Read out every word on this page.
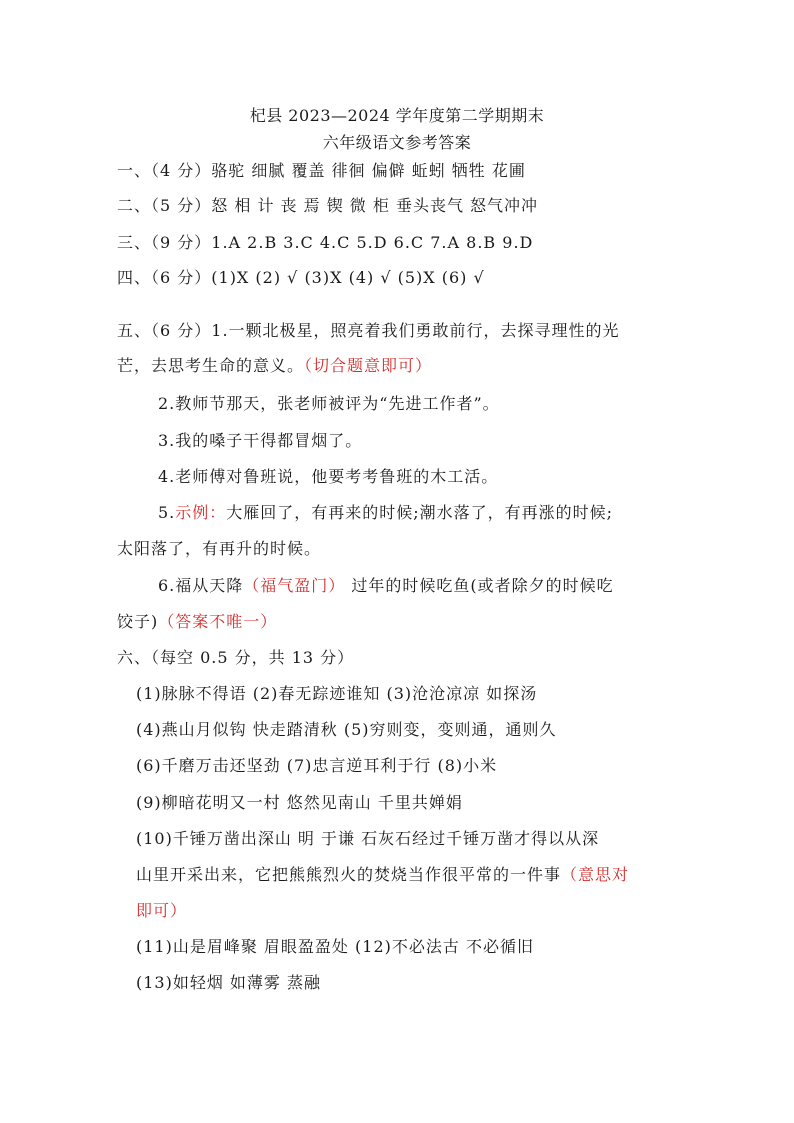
杞县 2023—2024 学年度第二学期期末
六年级语文参考答案
一、（4 分）骆驼 细腻 覆盖 徘徊 偏僻 蚯蚓 牺牲 花圃
二、（5 分）怒 相 计 丧 焉 锲 微 柜 垂头丧气 怒气冲冲
三、（9 分）1.A 2.B 3.C 4.C 5.D 6.C 7.A 8.B 9.D
四、（6 分）(1)X (2) √ (3)X (4) √ (5)X (6) √
五、（6 分）1.一颗北极星，照亮着我们勇敢前行，去探寻理性的光
芒，去思考生命的意义。（切合题意即可）
2.教师节那天，张老师被评为“先进工作者”。
3.我的嗓子干得都冒烟了。
4.老师傅对鲁班说，他要考考鲁班的木工活。
5.示例：大雁回了，有再来的时候;潮水落了，有再涨的时候;
太阳落了，有再升的时候。
6.福从天降（福气盈门） 过年的时候吃鱼(或者除夕的时候吃
饺子)（答案不唯一）
六、（每空 0.5 分，共 13 分）
(1)脉脉不得语 (2)春无踪迹谁知 (3)沧沧凉凉 如探汤
(4)燕山月似钩 快走踏清秋 (5)穷则变，变则通，通则久
(6)千磨万击还坚劲 (7)忠言逆耳利于行 (8)小米
(9)柳暗花明又一村 悠然见南山 千里共婵娟
(10)千锤万凿出深山 明 于谦 石灰石经过千锤万凿才得以从深
山里开采出来，它把熊熊烈火的焚烧当作很平常的一件事（意思对
即可）
(11)山是眉峰聚 眉眼盈盈处 (12)不必法古 不必循旧
(13)如轻烟 如薄雾 蒸融
